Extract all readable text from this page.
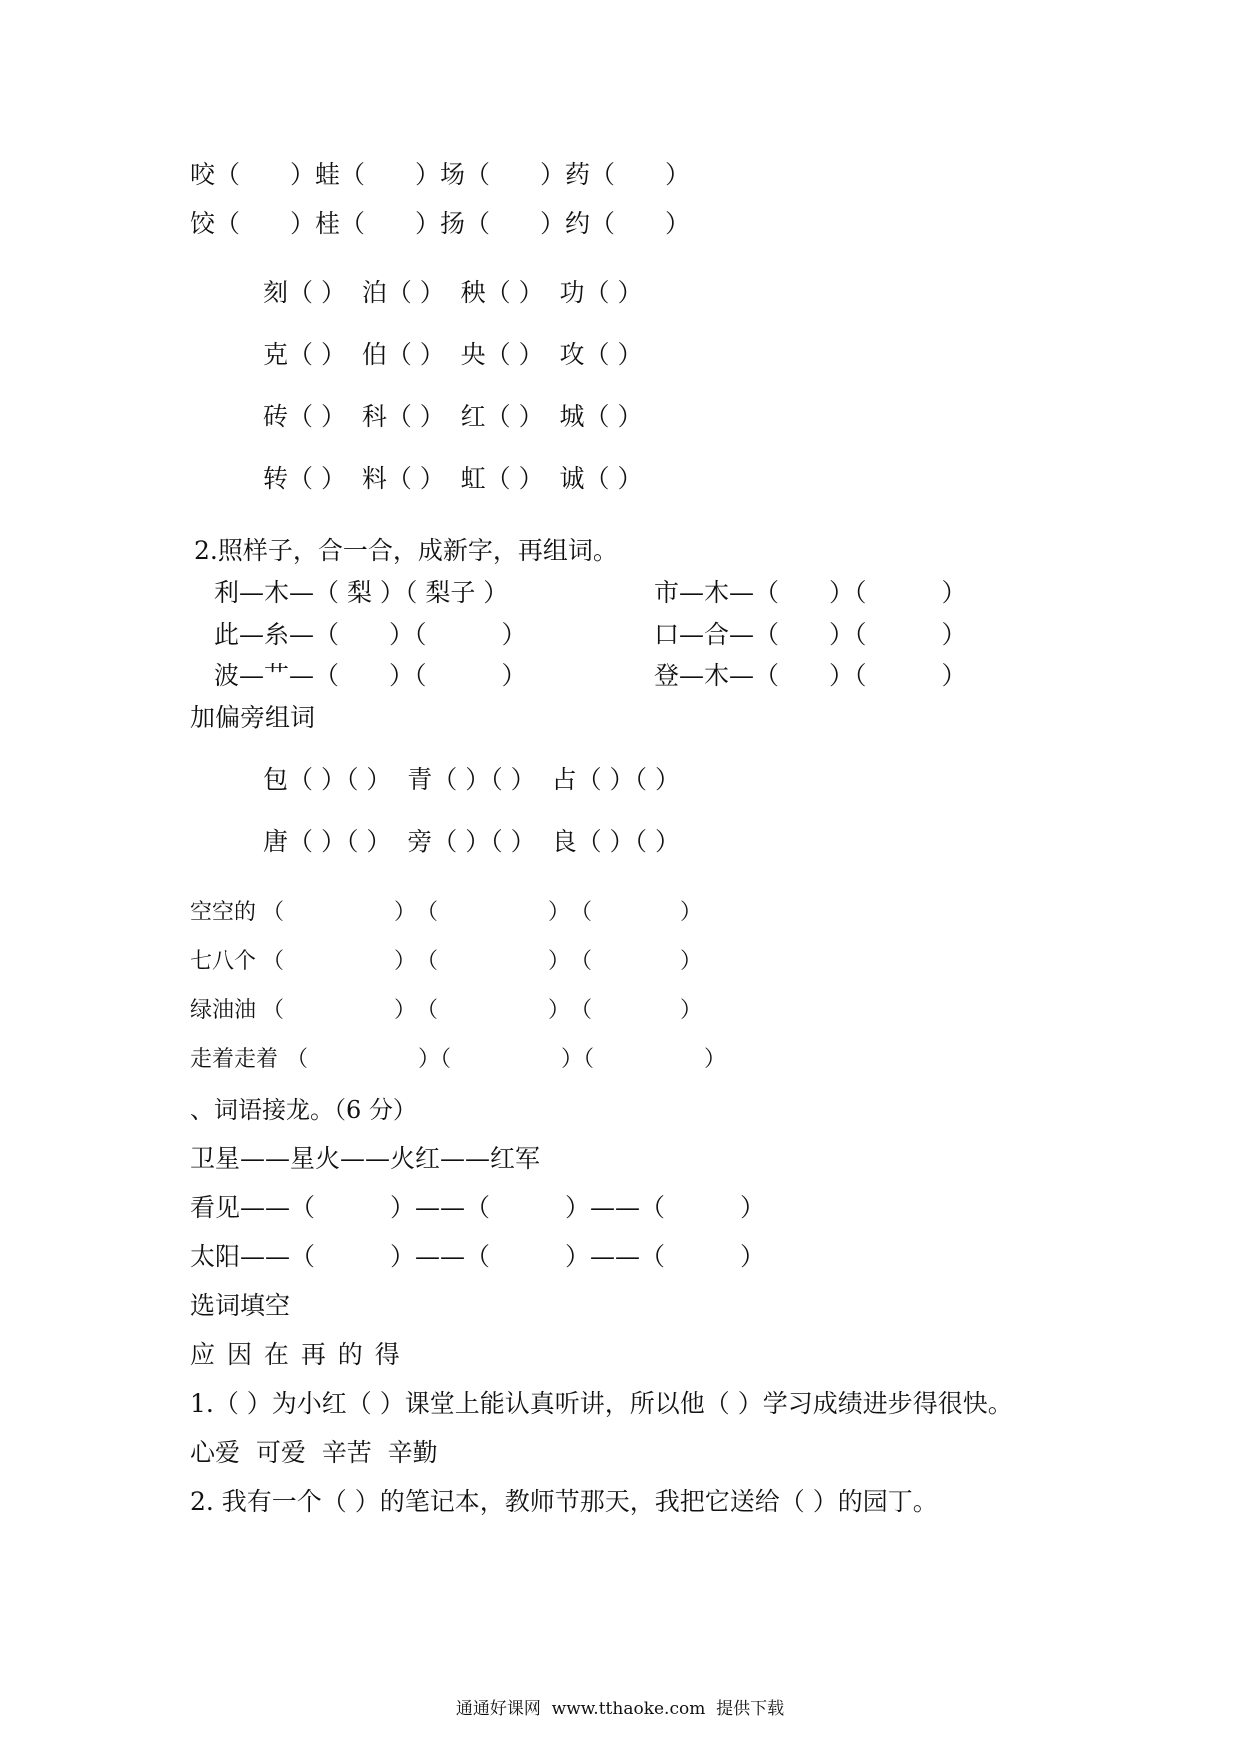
咬（　　）蛙（　　）场（　　）药（　　）
饺（　　）桂（　　）扬（　　）约（　　）
刻（ ）  泊（ ）  秧（ ）  功（ ）
克（ ）  伯（ ）  央（ ）  攻（ ）
砖（ ）  科（ ）  红（ ）  城（ ）
转（ ）  料（ ）  虹（ ）  诚（ ）
2.照样子，合一合，成新字，再组词。
利—木—（ 梨 ）（ 梨子 ）	市—木—（　　）（　　　）
此—糸—（　　）（　　　）	口—合—（　　）（　　　）
波—艹—（　　）（　　　）	登—木—（　　）（　　　）
加偏旁组词
包（ ）（ ）  青（ ）（ ）  占（ ）（ ）
唐（ ）（ ）  旁（ ）（ ）  良（ ）（ ）
空空的 （　　　　　）　（　　　　　）　（　　　　）
七八个 （　　　　　）　（　　　　　）　（　　　　）
绿油油 （　　　　　）　（　　　　　）　（　　　　）
走着走着 （　　　　　）（　　　　　）（　　　　　）
、词语接龙。（6 分）
卫星——星火——火红——红军
看见——（　　　）——（　　　）——（　　　）
太阳——（　　　）——（　　　）——（　　　）
选词填空
应 因 在 再 的 得
1.（ ）为小红（ ）课堂上能认真听讲，所以他（ ）学习成绩进步得很快。
心爱  可爱  辛苦  辛勤
2. 我有一个（ ）的笔记本，教师节那天，我把它送给（ ）的园丁。
通通好课网  www.tthaoke.com  提供下载
